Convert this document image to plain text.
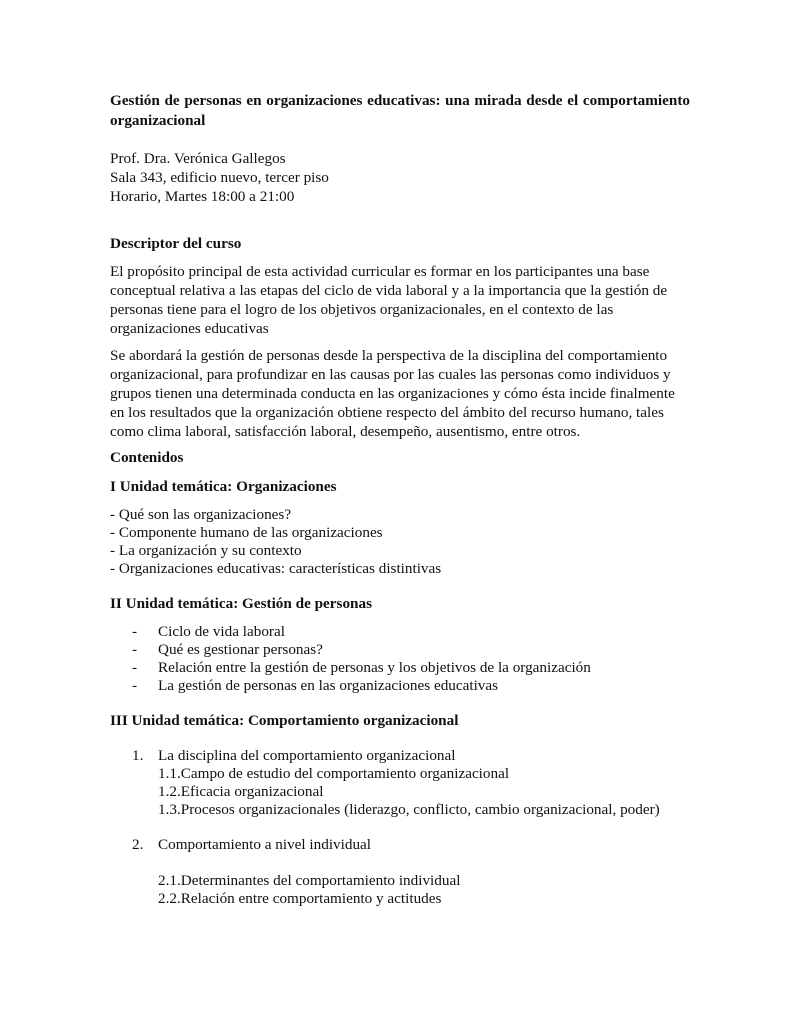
Gestión de personas en organizaciones educativas: una mirada desde el comportamiento organizacional

Prof. Dra. Verónica Gallegos
Sala 343, edificio nuevo, tercer piso
Horario, Martes 18:00 a 21:00
Descriptor del curso

El propósito principal de esta actividad curricular es formar en los participantes una base conceptual relativa a las etapas del ciclo de vida laboral y a la importancia que la gestión de personas tiene para el logro de los objetivos organizacionales, en el contexto de las organizaciones educativas

Se abordará la gestión de personas desde la perspectiva de la disciplina del comportamiento organizacional, para profundizar en las causas por las cuales las personas como individuos y grupos tienen una determinada conducta en las organizaciones y cómo ésta incide finalmente en los resultados que la organización obtiene respecto del ámbito del recurso humano, tales como clima laboral, satisfacción laboral, desempeño, ausentismo, entre otros.

Contenidos
I Unidad temática: Organizaciones
- Qué son las organizaciones?
- Componente humano de las organizaciones
- La organización y su contexto
- Organizaciones educativas: características distintivas
II Unidad temática: Gestión de personas
- Ciclo de vida laboral
- Qué es gestionar personas?
- Relación entre la gestión de personas y los objetivos de la organización
- La gestión de personas en las organizaciones educativas
III Unidad temática: Comportamiento organizacional
1. La disciplina del comportamiento organizacional
1.1.Campo de estudio del comportamiento organizacional
1.2.Eficacia organizacional
1.3.Procesos organizacionales (liderazgo, conflicto, cambio organizacional, poder)
2. Comportamiento a nivel individual
2.1.Determinantes del comportamiento individual
2.2.Relación entre comportamiento y actitudes
